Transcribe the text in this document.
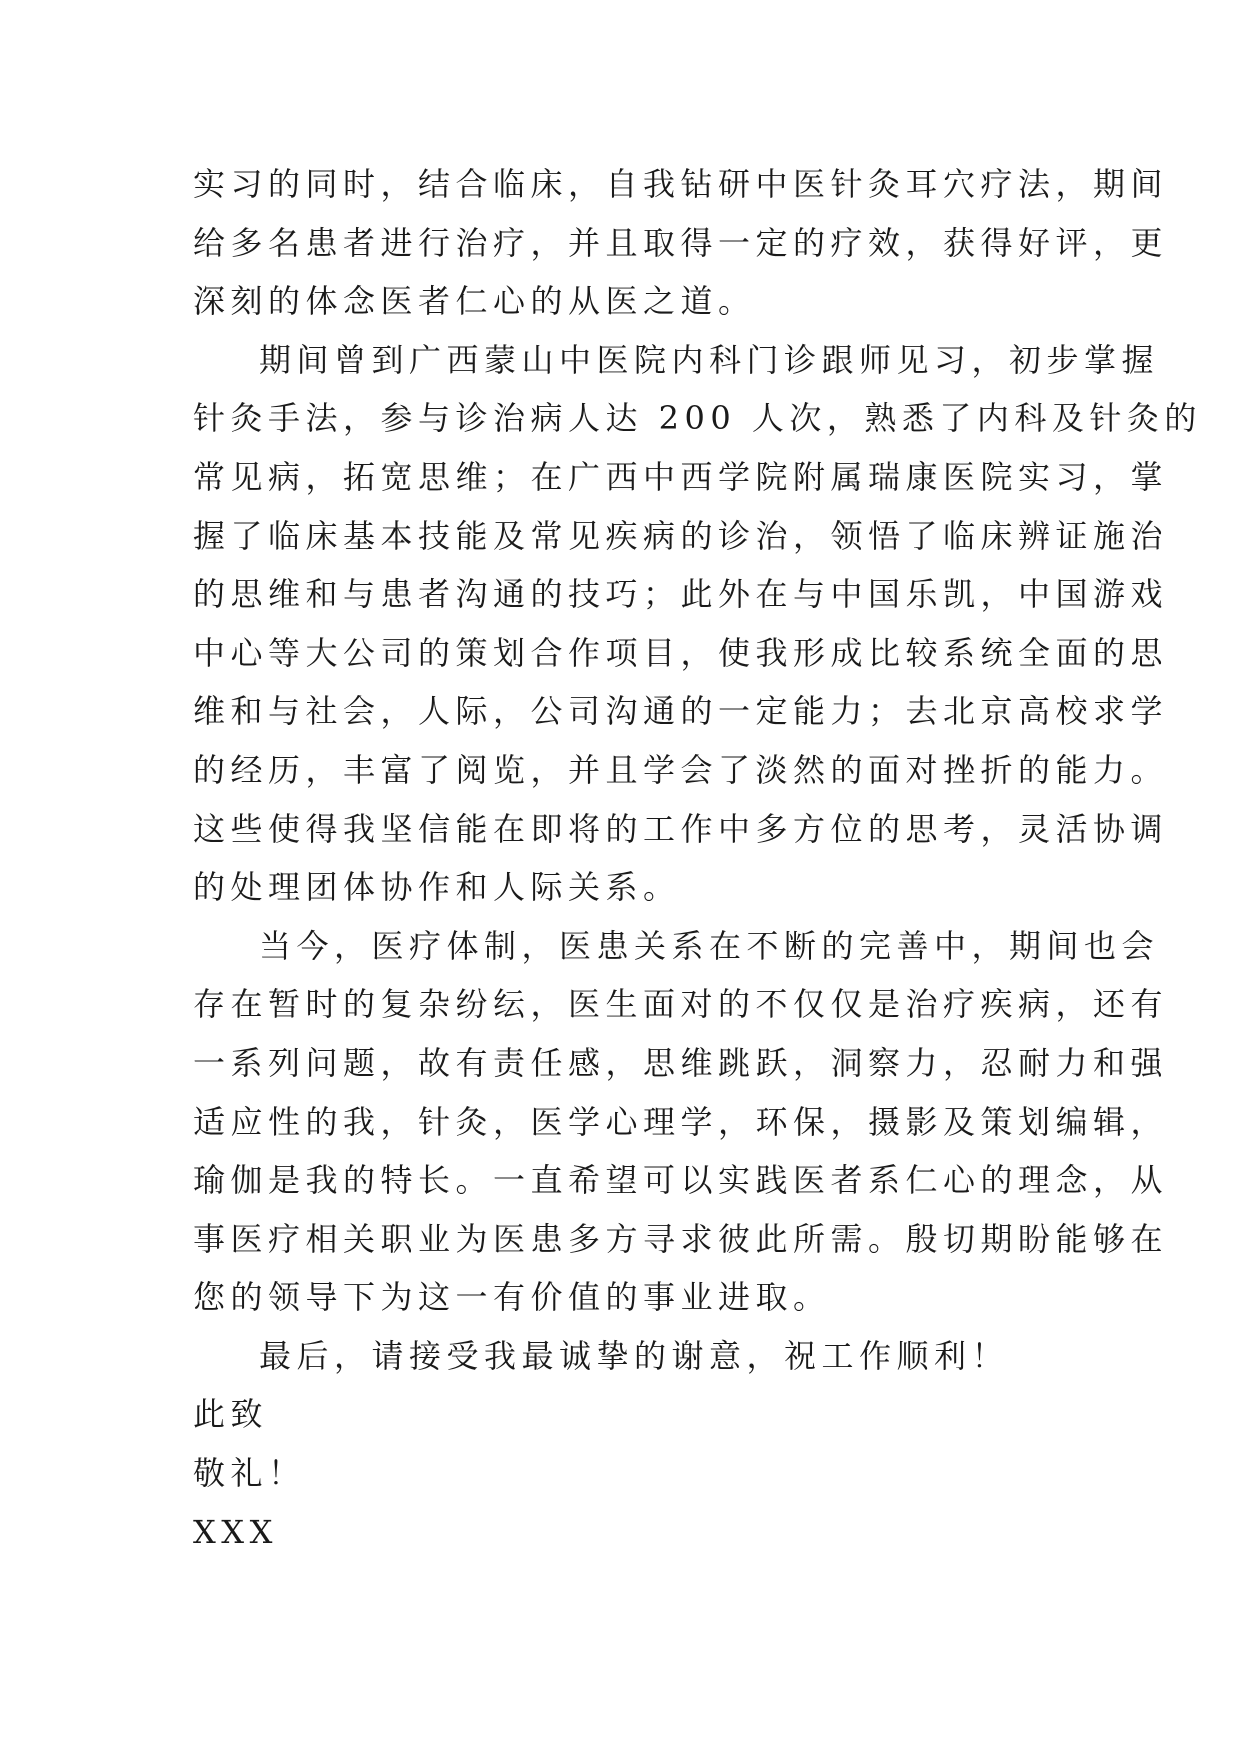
实习的同时，结合临床，自我钻研中医针灸耳穴疗法，期间
给多名患者进行治疗，并且取得一定的疗效，获得好评，更
深刻的体念医者仁心的从医之道。
期间曾到广西蒙山中医院内科门诊跟师见习，初步掌握
针灸手法，参与诊治病人达 200 人次，熟悉了内科及针灸的
常见病，拓宽思维；在广西中西学院附属瑞康医院实习，掌
握了临床基本技能及常见疾病的诊治，领悟了临床辨证施治
的思维和与患者沟通的技巧；此外在与中国乐凯，中国游戏
中心等大公司的策划合作项目，使我形成比较系统全面的思
维和与社会，人际，公司沟通的一定能力；去北京高校求学
的经历，丰富了阅览，并且学会了淡然的面对挫折的能力。
这些使得我坚信能在即将的工作中多方位的思考，灵活协调
的处理团体协作和人际关系。
当今，医疗体制，医患关系在不断的完善中，期间也会
存在暂时的复杂纷纭，医生面对的不仅仅是治疗疾病，还有
一系列问题，故有责任感，思维跳跃，洞察力，忍耐力和强
适应性的我，针灸，医学心理学，环保，摄影及策划编辑，
瑜伽是我的特长。一直希望可以实践医者系仁心的理念，从
事医疗相关职业为医患多方寻求彼此所需。殷切期盼能够在
您的领导下为这一有价值的事业进取。
最后，请接受我最诚挚的谢意，祝工作顺利！
此致
敬礼！
XXX
